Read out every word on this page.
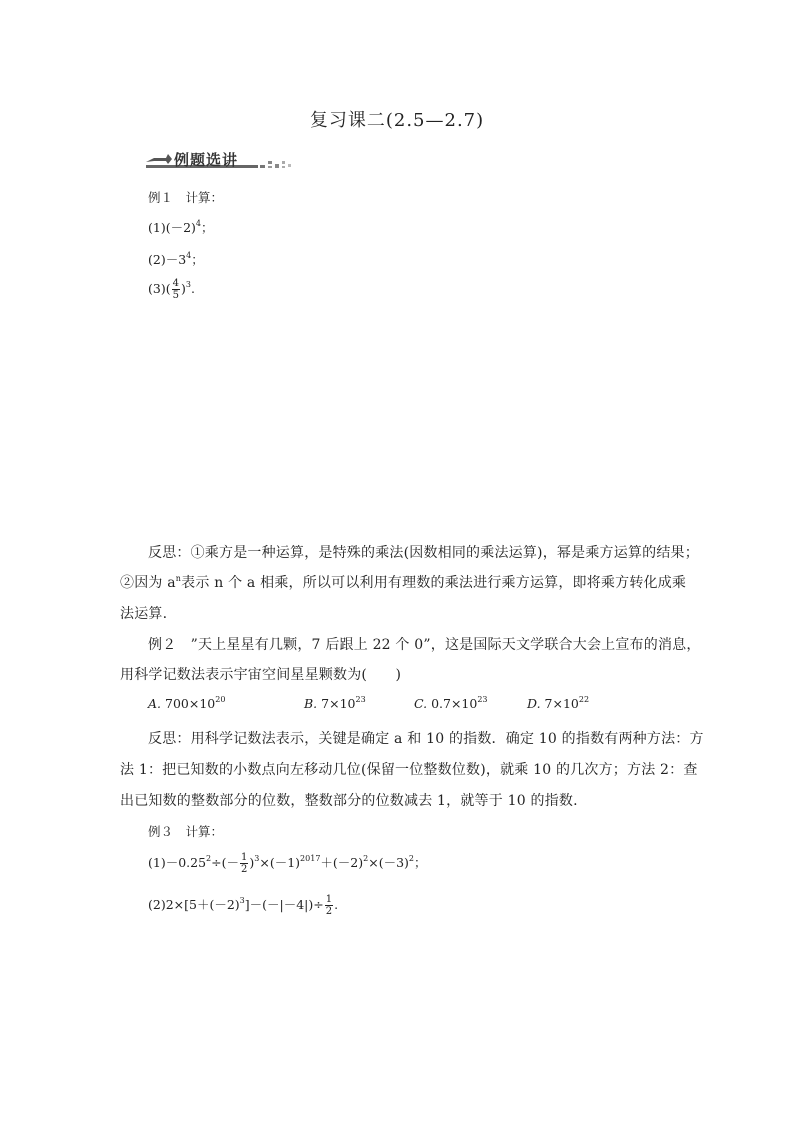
复习课二(2.5—2.7)
例题选讲
例１　计算：
$(1)(-2)^4$；
$(2)-3^4$；
$(3)( \frac{4}{5} )^3$.
反思：①乘方是一种运算，是特殊的乘法(因数相同的乘法运算)，幂是乘方运算的结果；
②因为 $a^n$表示 n 个 a 相乘，所以可以利用有理数的乘法进行乘方运算，即将乘方转化成乘
法运算.
例２　”天上星星有几颗，7 后跟上 22 个 0”，这是国际天文学联合大会上宣布的消息，
用科学记数法表示宇宙空间星星颗数为(　　)
A. $700\times 10^{20}$	B. $7\times 10^{23}$	C. $0.7\times 10^{23}$	D. $7\times 10^{22}$
反思：用科学记数法表示，关键是确定 a 和 10 的指数．确定 10 的指数有两种方法：方
法 1：把已知数的小数点向左移动几位(保留一位整数位数)，就乘 10 的几次方；方法 2：查
出已知数的整数部分的位数，整数部分的位数减去 1，就等于 10 的指数.
例３　计算：
$(1)-0.25^2\div(- \frac{1}{2} )^3\times(-1)^{2017}+(-2)^2\times(-3)^2$；
$(2)2\times[5+(-2)^3]-(-|-4|)\div \frac{1}{2}$ .
